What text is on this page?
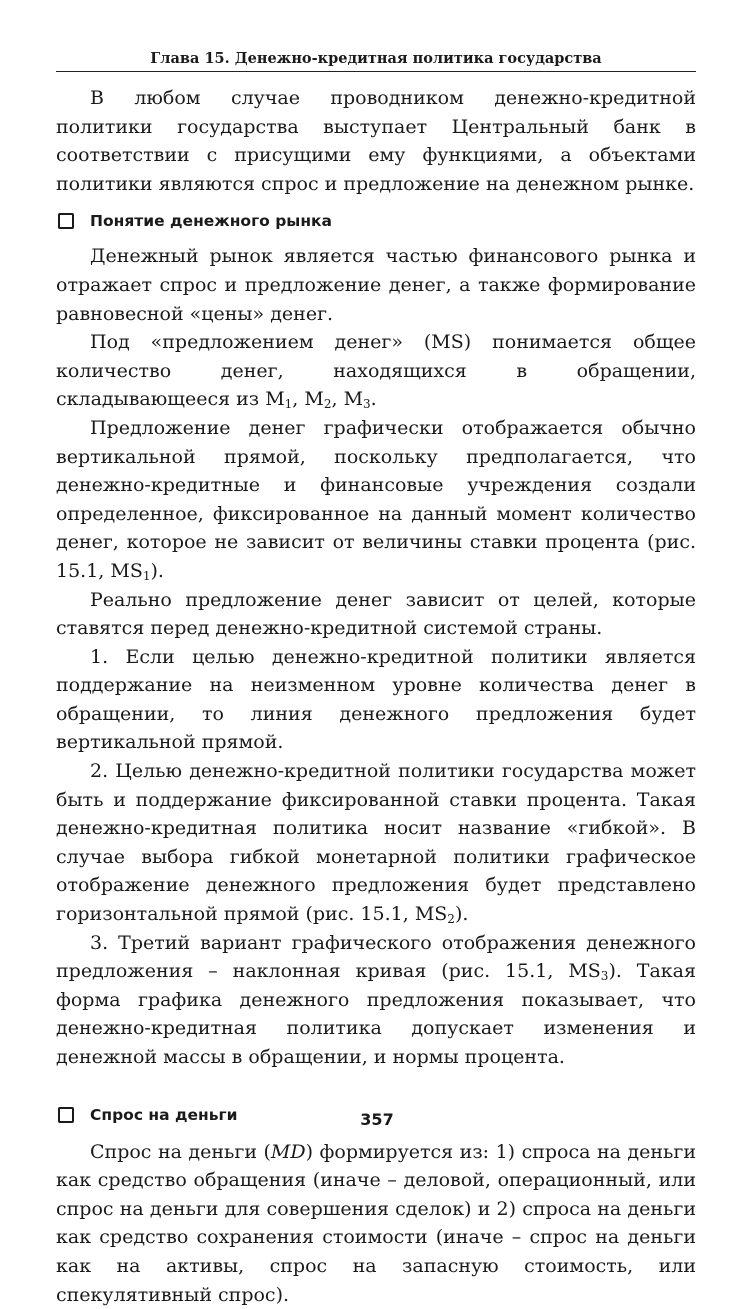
Глава 15. Денежно-кредитная политика государства

В любом случае проводником денежно-кредитной политики государства выступает Центральный банк в соответствии с присущими ему функциями, а объектами политики являются спрос и предложение на денежном рынке.

Понятие денежного рынка

Денежный рынок является частью финансового рынка и отражает спрос и предложение денег, а также формирование равновесной «цены» денег.

Под «предложением денег» (MS) понимается общее количество денег, находящихся в обращении, складывающееся из $M_1$, $M_2$, $M_3$.

Предложение денег графически отображается обычно вертикальной прямой, поскольку предполагается, что денежно-кредитные и финансовые учреждения создали определенное, фиксированное на данный момент количество денег, которое не зависит от величины ставки процента (рис. 15.1, $MS_1$).

Реально предложение денег зависит от целей, которые ставятся перед денежно-кредитной системой страны.

1. Если целью денежно-кредитной политики является поддержание на неизменном уровне количества денег в обращении, то линия денежного предложения будет вертикальной прямой.

2. Целью денежно-кредитной политики государства может быть и поддержание фиксированной ставки процента. Такая денежно-кредитная политика носит название «гибкой». В случае выбора гибкой монетарной политики графическое отображение денежного предложения будет представлено горизонтальной прямой (рис. 15.1, $MS_2$).

3. Третий вариант графического отображения денежного предложения – наклонная кривая (рис. 15.1, $MS_3$). Такая форма графика денежного предложения показывает, что денежно-кредитная политика допускает изменения и денежной массы в обращении, и нормы процента.

Спрос на деньги

Спрос на деньги (MD) формируется из: 1) спроса на деньги как средство обращения (иначе – деловой, операционный, или спрос на деньги для совершения сделок) и 2) спроса на деньги как средство сохранения стоимости (иначе – спрос на деньги как на активы, спрос на запасную стоимость, или спекулятивный спрос).

357
